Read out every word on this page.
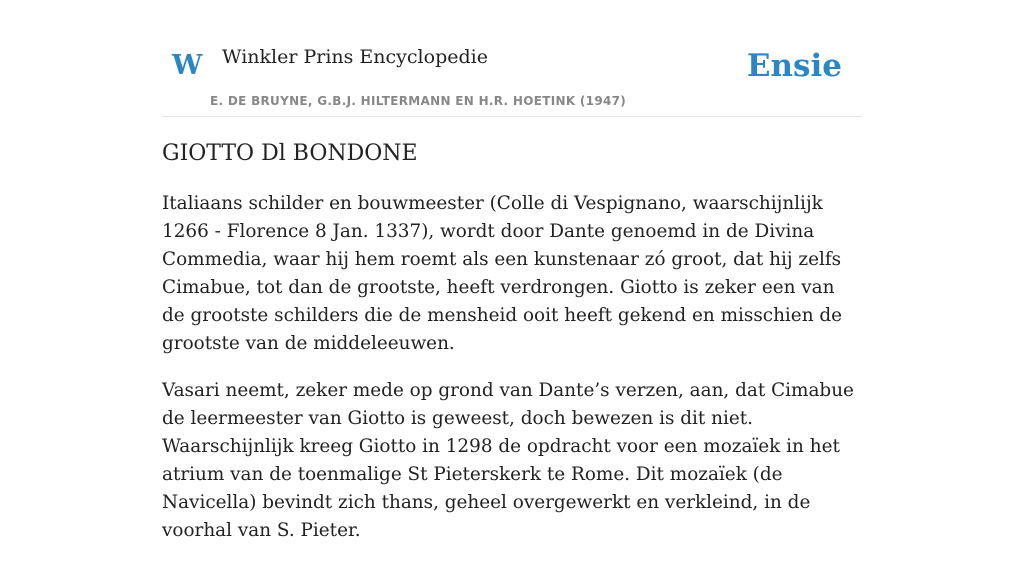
W Winkler Prins Encyclopedie
E. DE BRUYNE, G.B.J. HILTERMANN EN H.R. HOETINK (1947)
Ensie
GIOTTO Dl BONDONE

Italiaans schilder en bouwmeester (Colle di Vespignano, waarschijnlijk 1266 - Florence 8 Jan. 1337), wordt door Dante genoemd in de Divina Commedia, waar hij hem roemt als een kunstenaar zó groot, dat hij zelfs Cimabue, tot dan de grootste, heeft verdrongen. Giotto is zeker een van de grootste schilders die de mensheid ooit heeft gekend en misschien de grootste van de middeleeuwen.

Vasari neemt, zeker mede op grond van Dante’s verzen, aan, dat Cimabue de leermeester van Giotto is geweest, doch bewezen is dit niet. Waarschijnlijk kreeg Giotto in 1298 de opdracht voor een mozaïek in het atrium van de toenmalige St Pieterskerk te Rome. Dit mozaïek (de Navicella) bevindt zich thans, geheel overgewerkt en verkleind, in de voorhal van S. Pieter.
